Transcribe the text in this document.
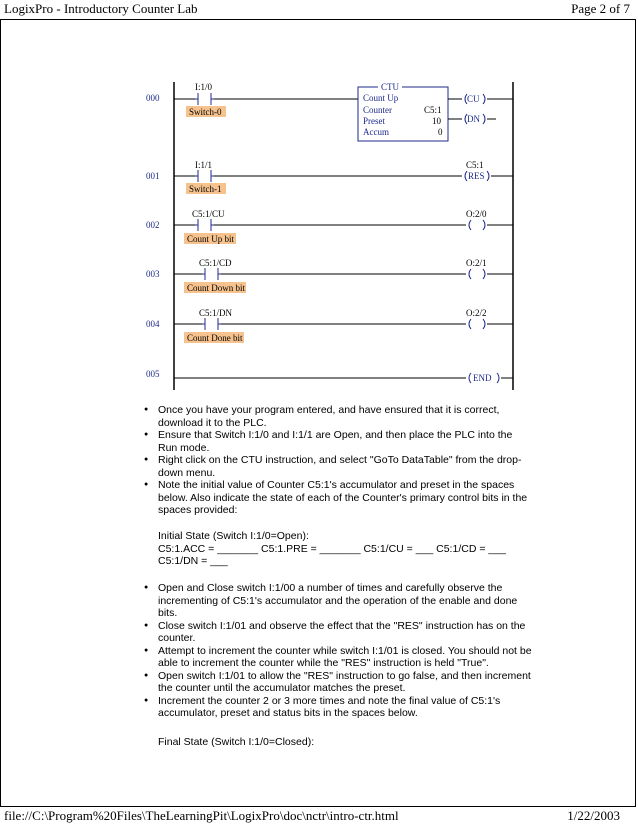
LogixPro - Introductory Counter Lab	Page 2 of 7
000
I:1/0
Switch-0
CTU
Count Up
Counter	C5:1
Preset	10
Accum	0
CU
DN
001
I:1/1
Switch-1
C5:1
RES
002
C5:1/CU
Count Up bit
O:2/0
003
C5:1/CD
Count Down bit
O:2/1
004
C5:1/DN
Count Done bit
O:2/2
005	END
● Once you have your program entered, and have ensured that it is correct, download it to the PLC.
● Ensure that Switch I:1/0 and I:1/1 are Open, and then place the PLC into the Run mode.
● Right click on the CTU instruction, and select "GoTo DataTable" from the drop-down menu.
● Note the initial value of Counter C5:1's accumulator and preset in the spaces below. Also indicate the state of each of the Counter's primary control bits in the spaces provided:
Initial State (Switch I:1/0=Open):
C5:1.ACC = _______ C5:1.PRE = _______ C5:1/CU = ___ C5:1/CD = ___
C5:1/DN = ___
● Open and Close switch I:1/00 a number of times and carefully observe the incrementing of C5:1's accumulator and the operation of the enable and done bits.
● Close switch I:1/01 and observe the effect that the "RES" instruction has on the counter.
● Attempt to increment the counter while switch I:1/01 is closed. You should not be able to increment the counter while the "RES" instruction is held "True".
● Open switch I:1/01 to allow the "RES" instruction to go false, and then increment the counter until the accumulator matches the preset.
● Increment the counter 2 or 3 more times and note the final value of C5:1's accumulator, preset and status bits in the spaces below.
Final State (Switch I:1/0=Closed):
file://C:\Program%20Files\TheLearningPit\LogixPro\doc\nctr\intro-ctr.html	1/22/2003
